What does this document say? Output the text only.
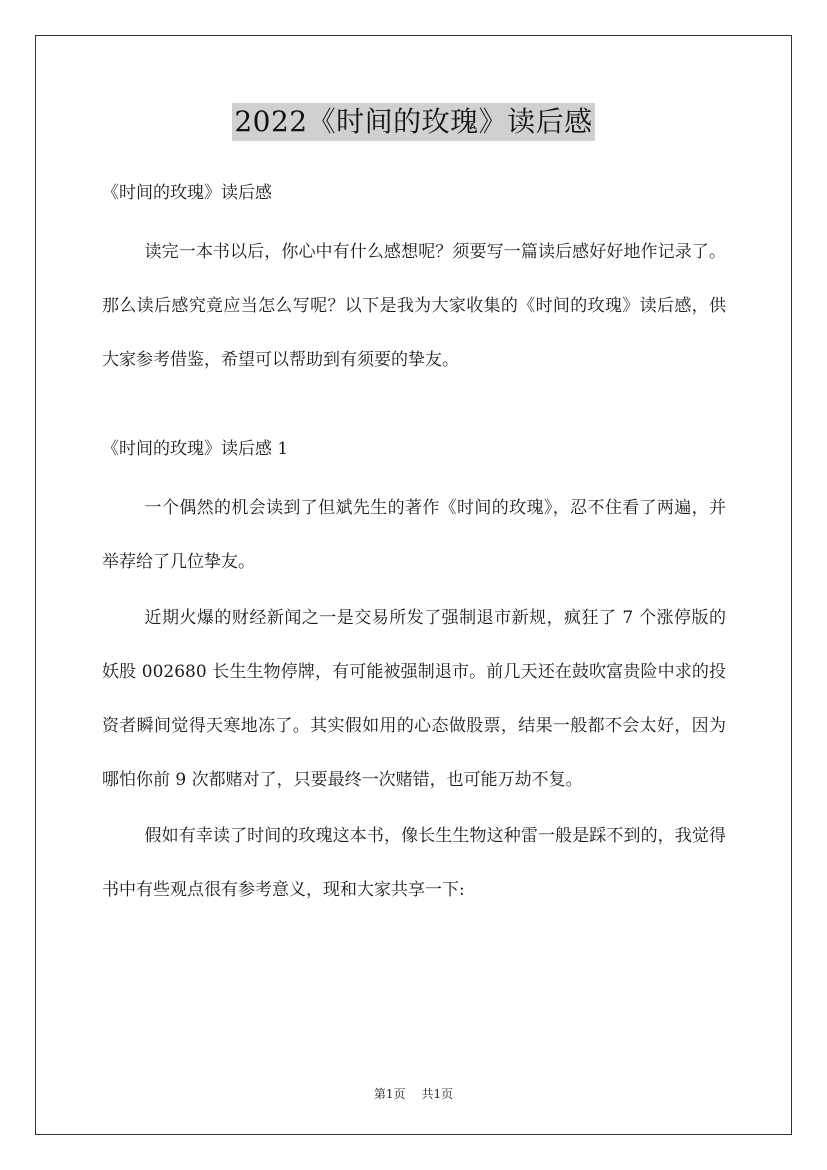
2022《时间的玫瑰》读后感

《时间的玫瑰》读后感

读完一本书以后，你心中有什么感想呢？须要写一篇读后感好好地作记录了。那么读后感究竟应当怎么写呢？以下是我为大家收集的《时间的玫瑰》读后感，供大家参考借鉴，希望可以帮助到有须要的挚友。

《时间的玫瑰》读后感 1

一个偶然的机会读到了但斌先生的著作《时间的玫瑰》，忍不住看了两遍，并举荐给了几位挚友。

近期火爆的财经新闻之一是交易所发了强制退市新规，疯狂了 7 个涨停版的妖股 002680 长生生物停牌，有可能被强制退市。前几天还在鼓吹富贵险中求的投资者瞬间觉得天寒地冻了。其实假如用的心态做股票，结果一般都不会太好，因为哪怕你前 9 次都赌对了，只要最终一次赌错，也可能万劫不复。

假如有幸读了时间的玫瑰这本书，像长生生物这种雷一般是踩不到的，我觉得书中有些观点很有参考意义，现和大家共享一下:

第1页 共1页
